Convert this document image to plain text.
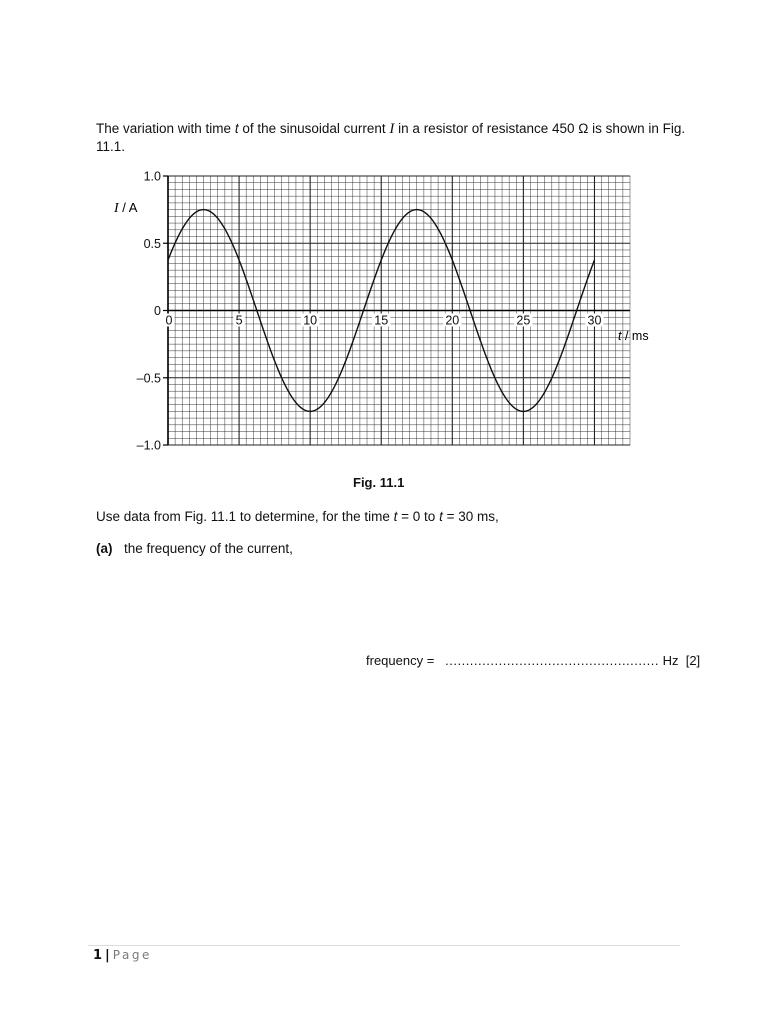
The variation with time t of the sinusoidal current I in a resistor of resistance 450 Ω is shown in Fig. 11.1.

1.0
0.5
0
–0.5
–1.0
0	5	10	15	20	25	30
I / A
t / ms
Fig. 11.1

Use data from Fig. 11.1 to determine, for the time t = 0 to t = 30 ms,

(a) the frequency of the current,

frequency = .................................................... Hz [2]
1 | Page
